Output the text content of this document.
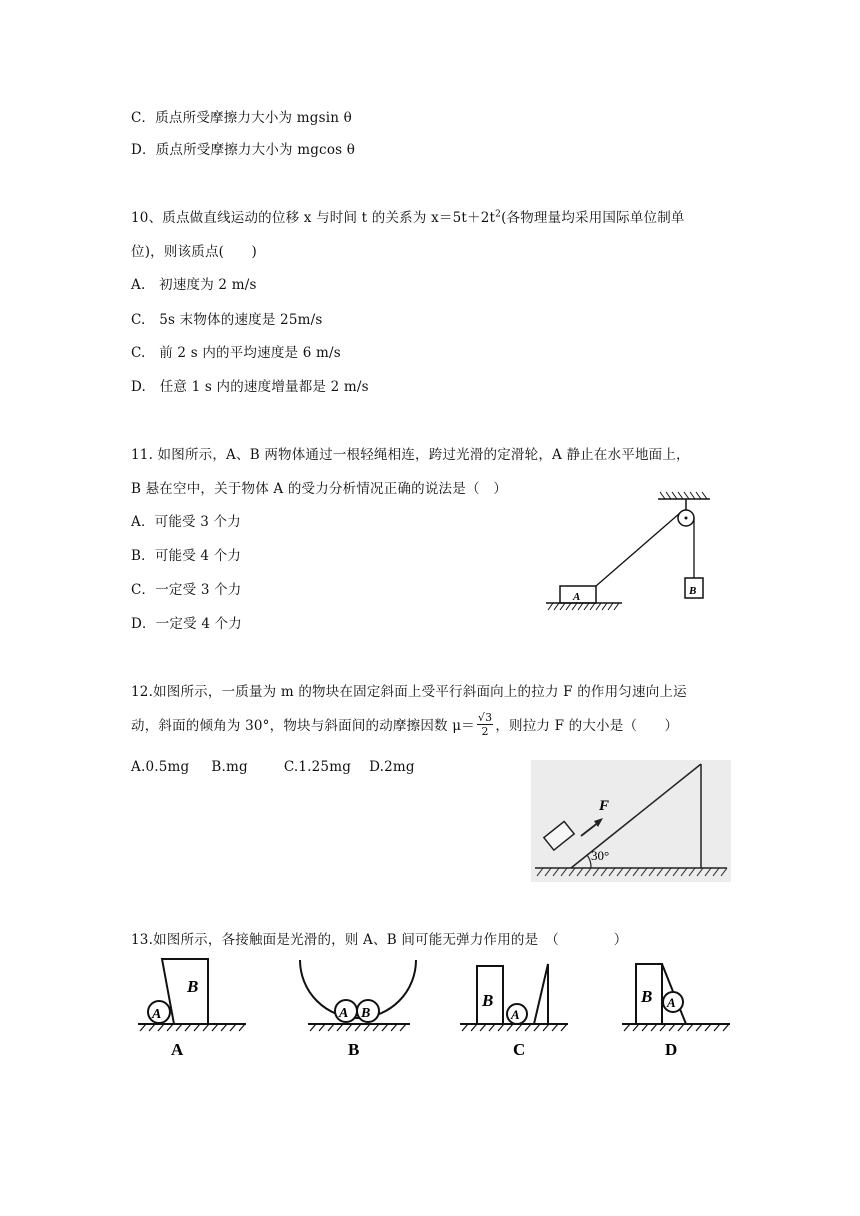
C．质点所受摩擦力大小为 mgsin θ
D．质点所受摩擦力大小为 mgcos θ
10、质点做直线运动的位移 x 与时间 t 的关系为 $x=5t+2t^2$(各物理量均采用国际单位制单
位)，则该质点(　　)
A.　初速度为 2 m/s
C.　5s 末物体的速度是 25m/s
C.　前 2 s 内的平均速度是 6 m/s
D.　任意 1 s 内的速度增量都是 2 m/s
11. 如图所示，A、B 两物体通过一根轻绳相连，跨过光滑的定滑轮，A 静止在水平地面上，
B 悬在空中，关于物体 A 的受力分析情况正确的说法是（　）
A．可能受 3 个力
B．可能受 4 个力
C．一定受 3 个力
D．一定受 4 个力
B
A
12.如图所示，一质量为 m 的物块在固定斜面上受平行斜面向上的拉力 F 的作用匀速向上运
动，斜面的倾角为 30°，物块与斜面间的动摩擦因数 $\mu= \frac{√3}{2}$ ，则拉力 F 的大小是（　　）
A.0.5mg B.mg	C.1.25mg D.2mg
F
30°
13.如图所示，各接触面是光滑的，则 A、B 间可能无弹力作用的是　（　　　　）
B
A
A
A B
B
B
A
C
B A
D
